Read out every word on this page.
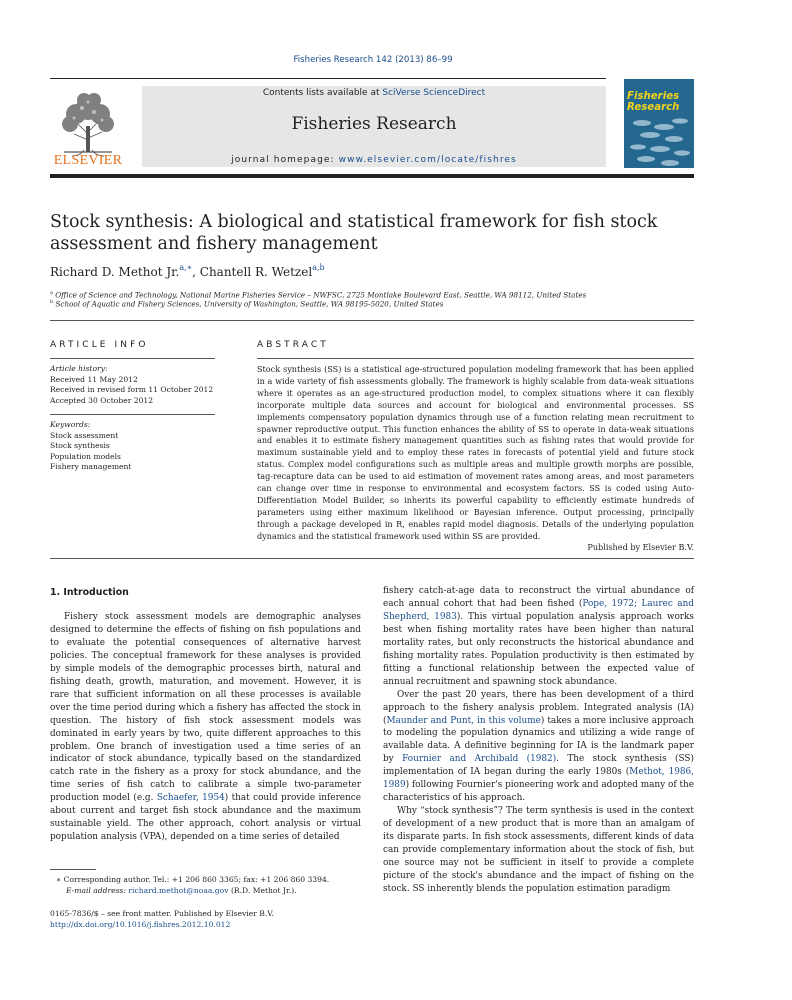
Fisheries Research 142 (2013) 86–99
ELSEVIER
Contents lists available at SciVerse ScienceDirect
Fisheries Research
journal homepage: www.elsevier.com/locate/fishres
Fisheries Research
Stock synthesis: A biological and statistical framework for fish stock assessment and fishery management
Richard D. Methot Jr.$^{a,∗}$, Chantell R. Wetzel$^{a,b}$
$^a$ Office of Science and Technology, National Marine Fisheries Service – NWFSC, 2725 Montlake Boulevard East, Seattle, WA 98112, United States
$^b$ School of Aquatic and Fishery Sciences, University of Washington, Seattle, WA 98195-5020, United States
ARTICLE INFO
Article history:
Received 11 May 2012
Received in revised form 11 October 2012
Accepted 30 October 2012
Keywords:
Stock assessment
Stock synthesis
Population models
Fishery management
ABSTRACT
Stock synthesis (SS) is a statistical age-structured population modeling framework that has been applied in a wide variety of fish assessments globally. The framework is highly scalable from data-weak situations where it operates as an age-structured production model, to complex situations where it can flexibly incorporate multiple data sources and account for biological and environmental processes. SS implements compensatory population dynamics through use of a function relating mean recruitment to spawner reproductive output. This function enhances the ability of SS to operate in data-weak situations and enables it to estimate fishery management quantities such as fishing rates that would provide for maximum sustainable yield and to employ these rates in forecasts of potential yield and future stock status. Complex model configurations such as multiple areas and multiple growth morphs are possible, tag-recapture data can be used to aid estimation of movement rates among areas, and most parameters can change over time in response to environmental and ecosystem factors. SS is coded using Auto-Differentiation Model Builder, so inherits its powerful capability to efficiently estimate hundreds of parameters using either maximum likelihood or Bayesian inference. Output processing, principally through a package developed in R, enables rapid model diagnosis. Details of the underlying population dynamics and the statistical framework used within SS are provided.
Published by Elsevier B.V.
1. Introduction

Fishery stock assessment models are demographic analyses designed to determine the effects of fishing on fish populations and to evaluate the potential consequences of alternative harvest policies. The conceptual framework for these analyses is provided by simple models of the demographic processes birth, natural and fishing death, growth, maturation, and movement. However, it is rare that sufficient information on all these processes is available over the time period during which a fishery has affected the stock in question. The history of fish stock assessment models was dominated in early years by two, quite different approaches to this problem. One branch of investigation used a time series of an indicator of stock abundance, typically based on the standardized catch rate in the fishery as a proxy for stock abundance, and the time series of fish catch to calibrate a simple two-parameter production model (e.g. Schaefer, 1954) that could provide inference about current and target fish stock abundance and the maximum sustainable yield. The other approach, cohort analysis or virtual population analysis (VPA), depended on a time series of detailed

fishery catch-at-age data to reconstruct the virtual abundance of each annual cohort that had been fished (Pope, 1972; Laurec and Shepherd, 1983). This virtual population analysis approach works best when fishing mortality rates have been higher than natural mortality rates, but only reconstructs the historical abundance and fishing mortality rates. Population productivity is then estimated by fitting a functional relationship between the expected value of annual recruitment and spawning stock abundance.

Over the past 20 years, there has been development of a third approach to the fishery analysis problem. Integrated analysis (IA) (Maunder and Punt, in this volume) takes a more inclusive approach to modeling the population dynamics and utilizing a wide range of available data. A definitive beginning for IA is the landmark paper by Fournier and Archibald (1982). The stock synthesis (SS) implementation of IA began during the early 1980s (Methot, 1986, 1989) following Fournier's pioneering work and adopted many of the characteristics of his approach.

Why “stock synthesis”? The term synthesis is used in the context of development of a new product that is more than an amalgam of its disparate parts. In fish stock assessments, different kinds of data can provide complementary information about the stock of fish, but one source may not be sufficient in itself to provide a complete picture of the stock's abundance and the impact of fishing on the stock. SS inherently blends the population estimation paradigm

∗ Corresponding author. Tel.: +1 206 860 3365; fax: +1 206 860 3394.
E-mail address: richard.methot@noaa.gov (R.D. Methot Jr.).
0165-7836/$ – see front matter. Published by Elsevier B.V.
http://dx.doi.org/10.1016/j.fishres.2012.10.012
